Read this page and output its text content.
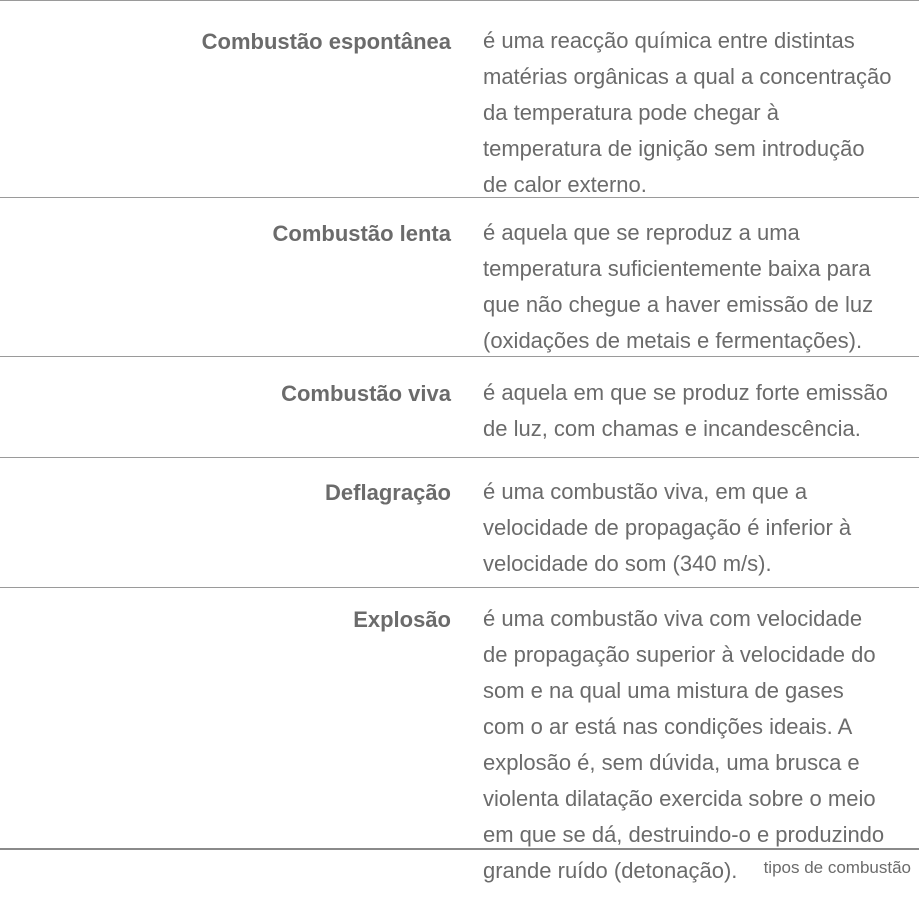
Combustão espontânea é uma reacção química entre distintas
matérias orgânicas a qual a concentração
da temperatura pode chegar à
temperatura de ignição sem introdução
de calor externo.
Combustão lenta é aquela que se reproduz a uma
temperatura suficientemente baixa para
que não chegue a haver emissão de luz
(oxidações de metais e fermentações).
Combustão viva é aquela em que se produz forte emissão
de luz, com chamas e incandescência.
Deflagração é uma combustão viva, em que a
velocidade de propagação é inferior à
velocidade do som (340 m/s).
Explosão é uma combustão viva com velocidade
de propagação superior à velocidade do
som e na qual uma mistura de gases
com o ar está nas condições ideais. A
explosão é, sem dúvida, uma brusca e
violenta dilatação exercida sobre o meio
em que se dá, destruindo-o e produzindo
grande ruído (detonação).	tipos de combustão
